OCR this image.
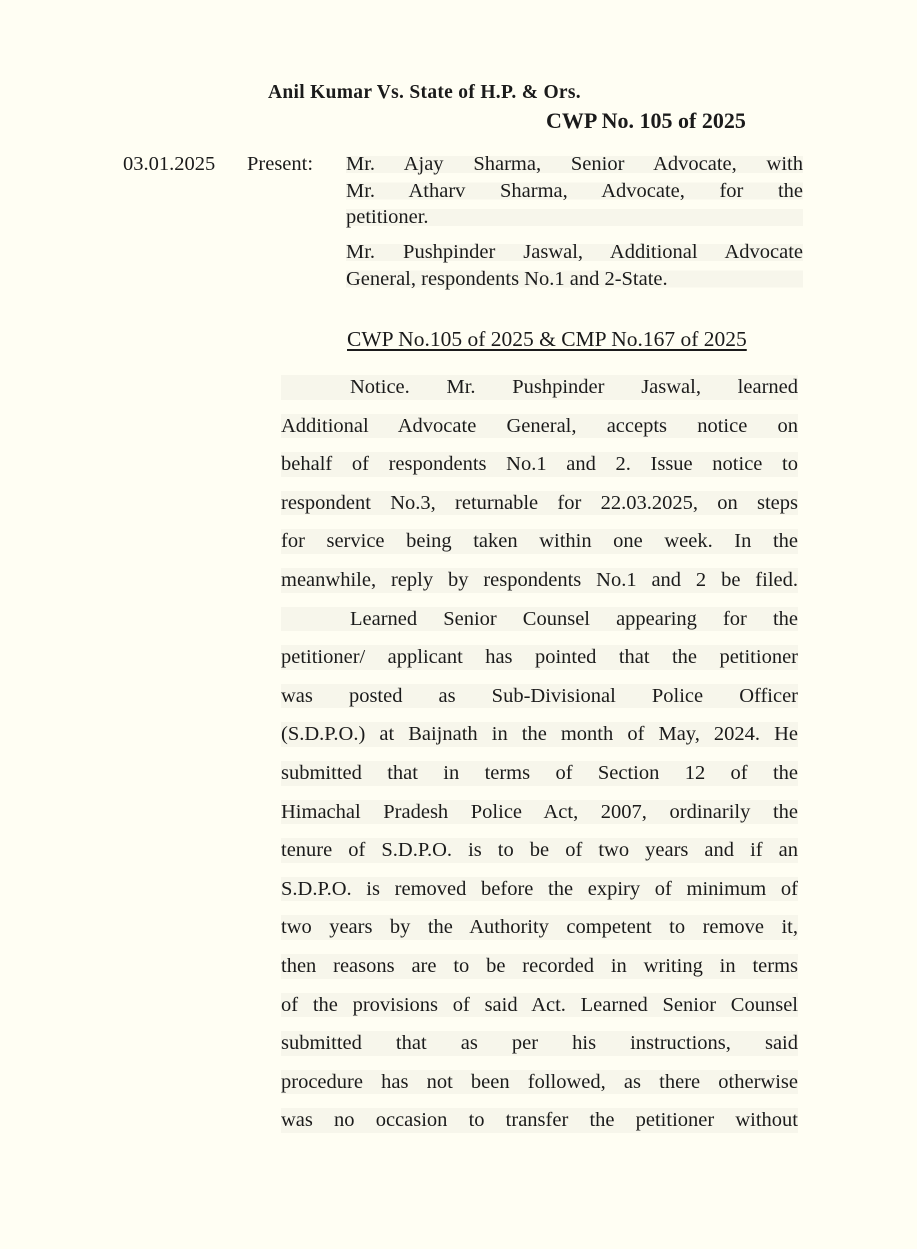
Anil Kumar Vs. State of H.P. & Ors.
CWP No. 105 of 2025
03.01.2025 Present: Mr. Ajay Sharma, Senior Advocate, with
Mr. Atharv Sharma, Advocate, for the
petitioner.
Mr. Pushpinder Jaswal, Additional Advocate
General, respondents No.1 and 2-State.
CWP No.105 of 2025 & CMP No.167 of 2025
Notice. Mr. Pushpinder Jaswal, learned
Additional Advocate General, accepts notice on
behalf of respondents No.1 and 2. Issue notice to
respondent No.3, returnable for 22.03.2025, on steps
for service being taken within one week. In the
meanwhile, reply by respondents No.1 and 2 be filed.
Learned Senior Counsel appearing for the
petitioner/ applicant has pointed that the petitioner
was posted as Sub-Divisional Police Officer
(S.D.P.O.) at Baijnath in the month of May, 2024. He
submitted that in terms of Section 12 of the
Himachal Pradesh Police Act, 2007, ordinarily the
tenure of S.D.P.O. is to be of two years and if an
S.D.P.O. is removed before the expiry of minimum of
two years by the Authority competent to remove it,
then reasons are to be recorded in writing in terms
of the provisions of said Act. Learned Senior Counsel
submitted that as per his instructions, said
procedure has not been followed, as there otherwise
was no occasion to transfer the petitioner without
